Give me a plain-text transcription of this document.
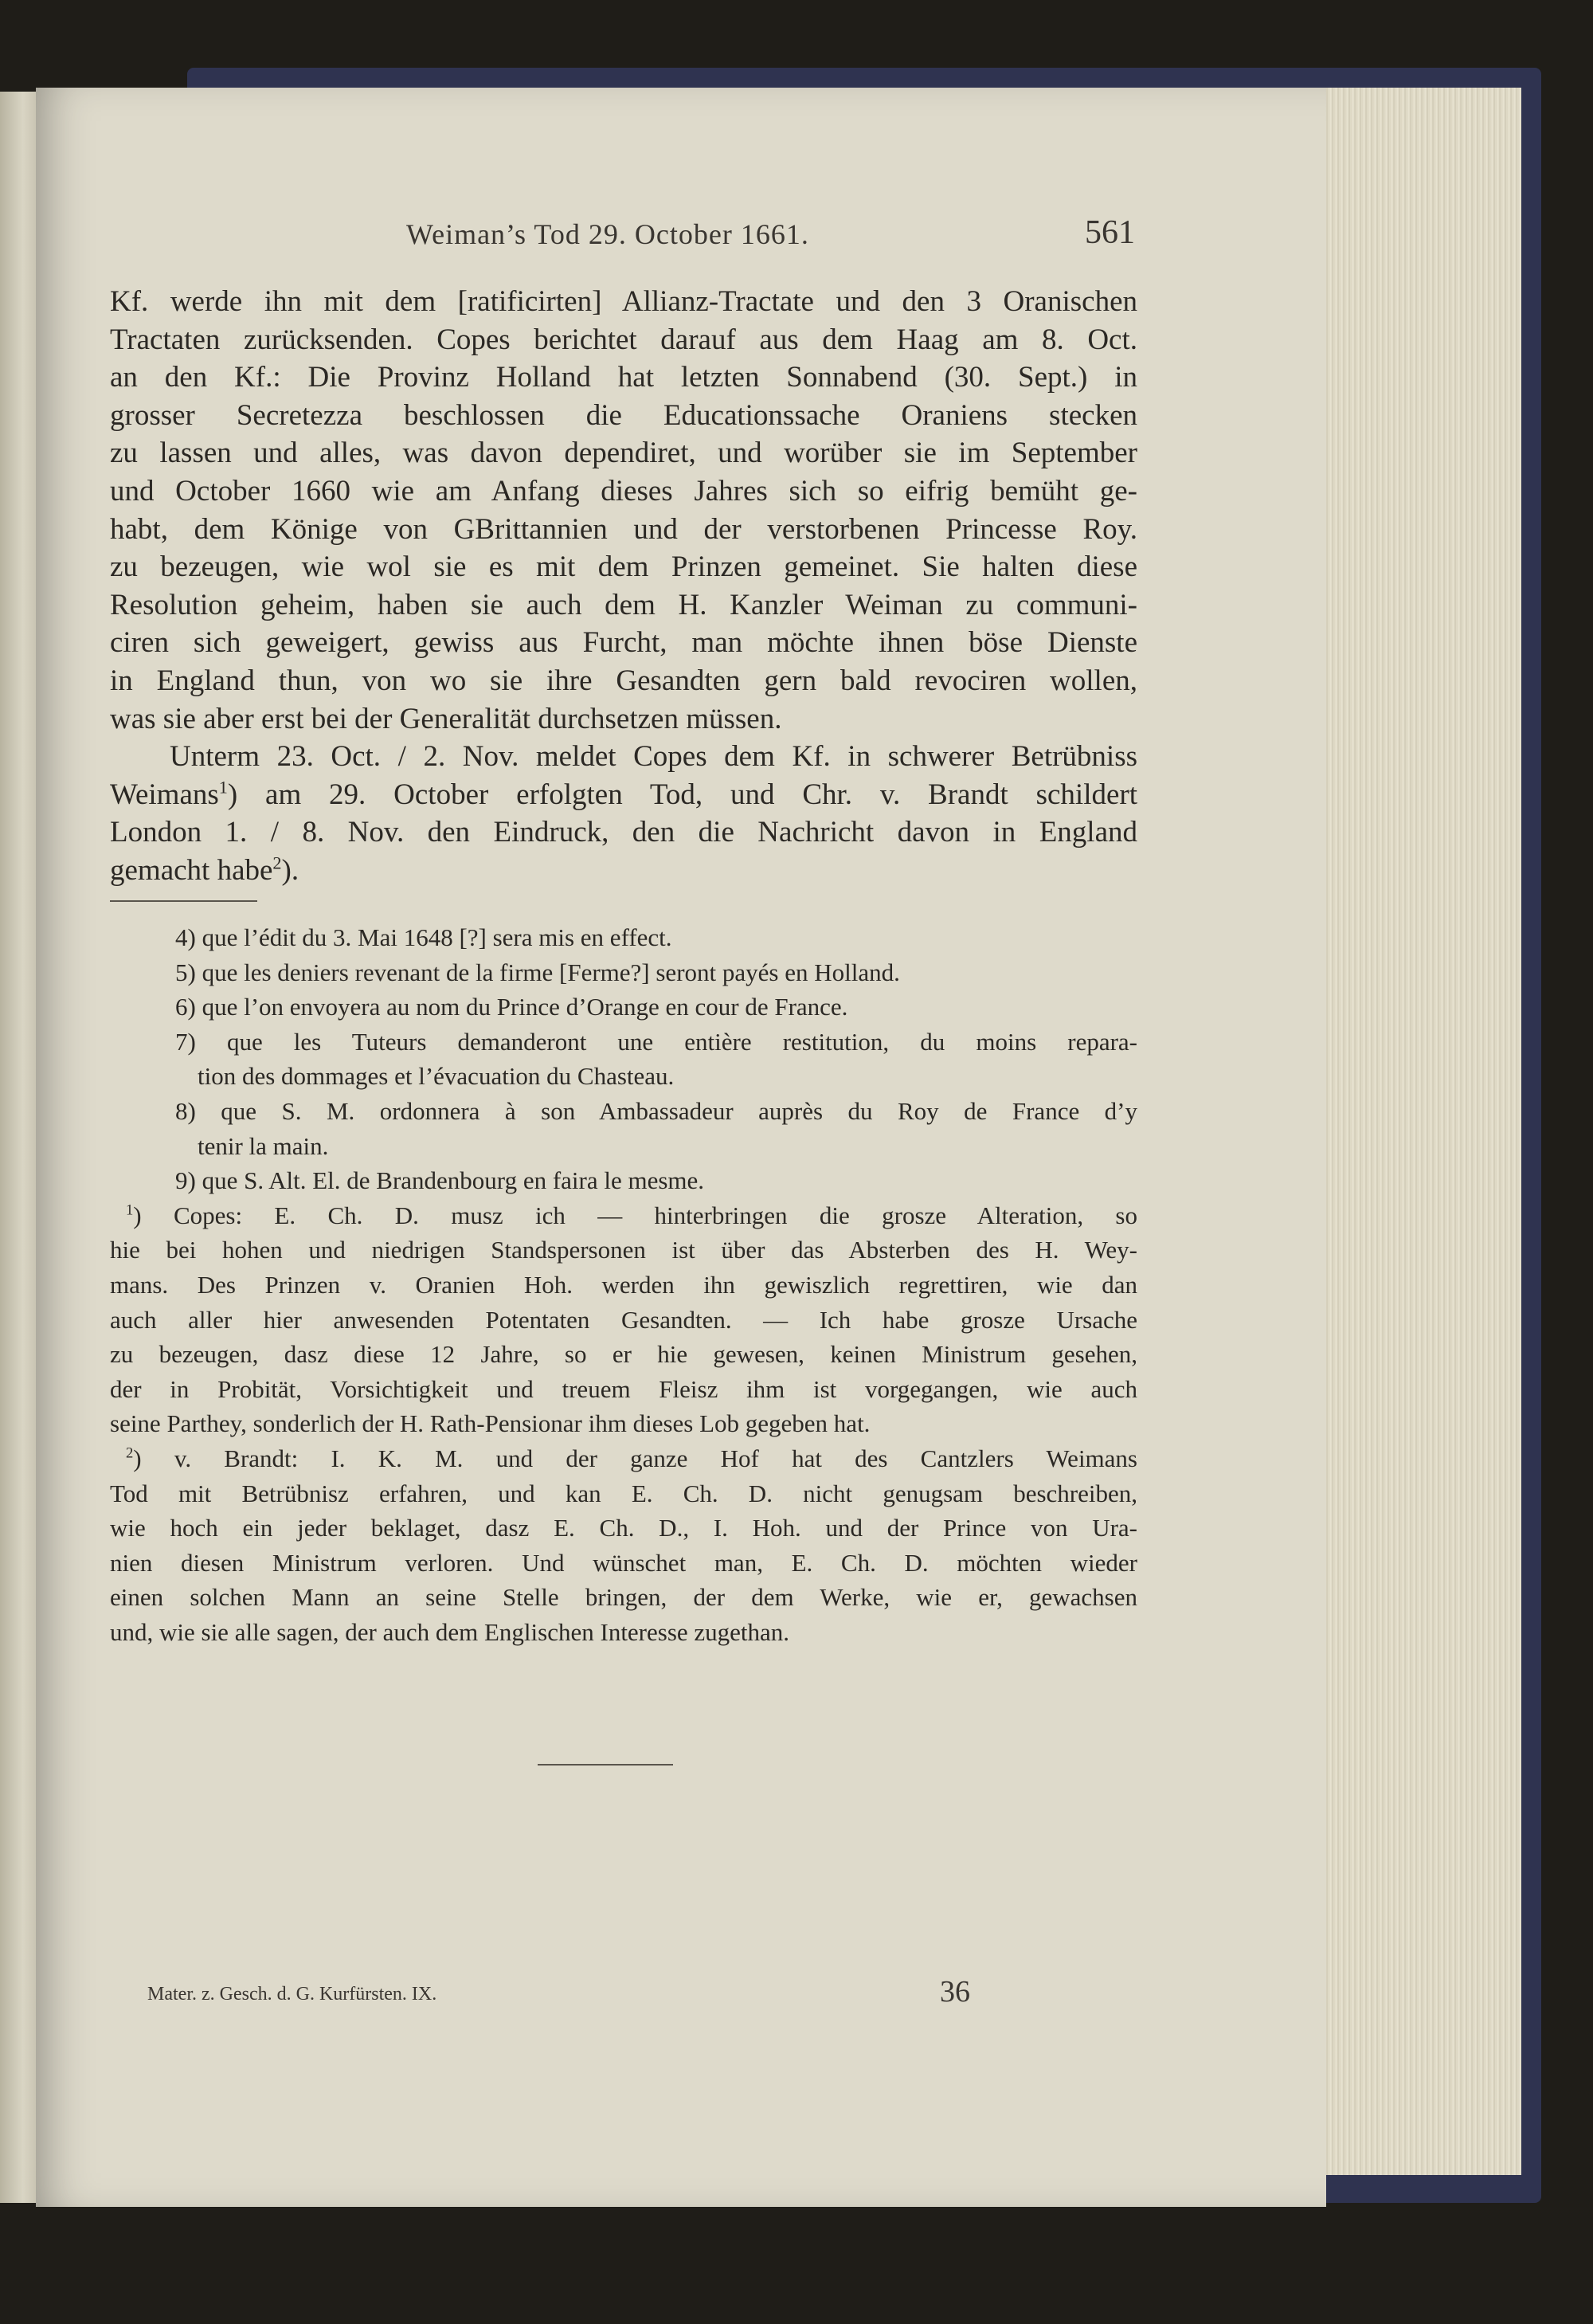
Weiman’s Tod 29. October 1661.	561
Kf. werde ihn mit dem [ratificirten] Allianz-Tractate und den 3 Oranischen
Tractaten zurücksenden. Copes berichtet darauf aus dem Haag am 8. Oct.
an den Kf.: Die Provinz Holland hat letzten Sonnabend (30. Sept.) in
grosser Secretezza beschlossen die Educationssache Oraniens stecken
zu lassen und alles, was davon dependiret, und worüber sie im September
und October 1660 wie am Anfang dieses Jahres sich so eifrig bemüht ge-
habt, dem Könige von GBrittannien und der verstorbenen Princesse Roy.
zu bezeugen, wie wol sie es mit dem Prinzen gemeinet. Sie halten diese
Resolution geheim, haben sie auch dem H. Kanzler Weiman zu communi-
ciren sich geweigert, gewiss aus Furcht, man möchte ihnen böse Dienste
in England thun, von wo sie ihre Gesandten gern bald revociren wollen,
was sie aber erst bei der Generalität durchsetzen müssen.
Unterm 23. Oct. / 2. Nov. meldet Copes dem Kf. in schwerer Betrübniss
Weimans$^1$) am 29. October erfolgten Tod, und Chr. v. Brandt schildert
London 1. / 8. Nov. den Eindruck, den die Nachricht davon in England
gemacht habe$^2$).
4) que l’édit du 3. Mai 1648 [?] sera mis en effect.
5) que les deniers revenant de la firme [Ferme?] seront payés en Holland.
6) que l’on envoyera au nom du Prince d’Orange en cour de France.
7) que les Tuteurs demanderont une entière restitution, du moins repara-
tion des dommages et l’évacuation du Chasteau.
8) que S. M. ordonnera à son Ambassadeur auprès du Roy de France d’y
tenir la main.
9) que S. Alt. El. de Brandenbourg en faira le mesme.
$^1$) Copes: E. Ch. D. musz ich — hinterbringen die grosze Alteration, so
hie bei hohen und niedrigen Standspersonen ist über das Absterben des H. Wey-
mans. Des Prinzen v. Oranien Hoh. werden ihn gewiszlich regrettiren, wie dan
auch aller hier anwesenden Potentaten Gesandten. — Ich habe grosze Ursache
zu bezeugen, dasz diese 12 Jahre, so er hie gewesen, keinen Ministrum gesehen,
der in Probität, Vorsichtigkeit und treuem Fleisz ihm ist vorgegangen, wie auch
seine Parthey, sonderlich der H. Rath-Pensionar ihm dieses Lob gegeben hat.
$^2$) v. Brandt: I. K. M. und der ganze Hof hat des Cantzlers Weimans
Tod mit Betrübnisz erfahren, und kan E. Ch. D. nicht genugsam beschreiben,
wie hoch ein jeder beklaget, dasz E. Ch. D., I. Hoh. und der Prince von Ura-
nien diesen Ministrum verloren. Und wünschet man, E. Ch. D. möchten wieder
einen solchen Mann an seine Stelle bringen, der dem Werke, wie er, gewachsen
und, wie sie alle sagen, der auch dem Englischen Interesse zugethan.
Mater. z. Gesch. d. G. Kurfürsten. IX.	36
